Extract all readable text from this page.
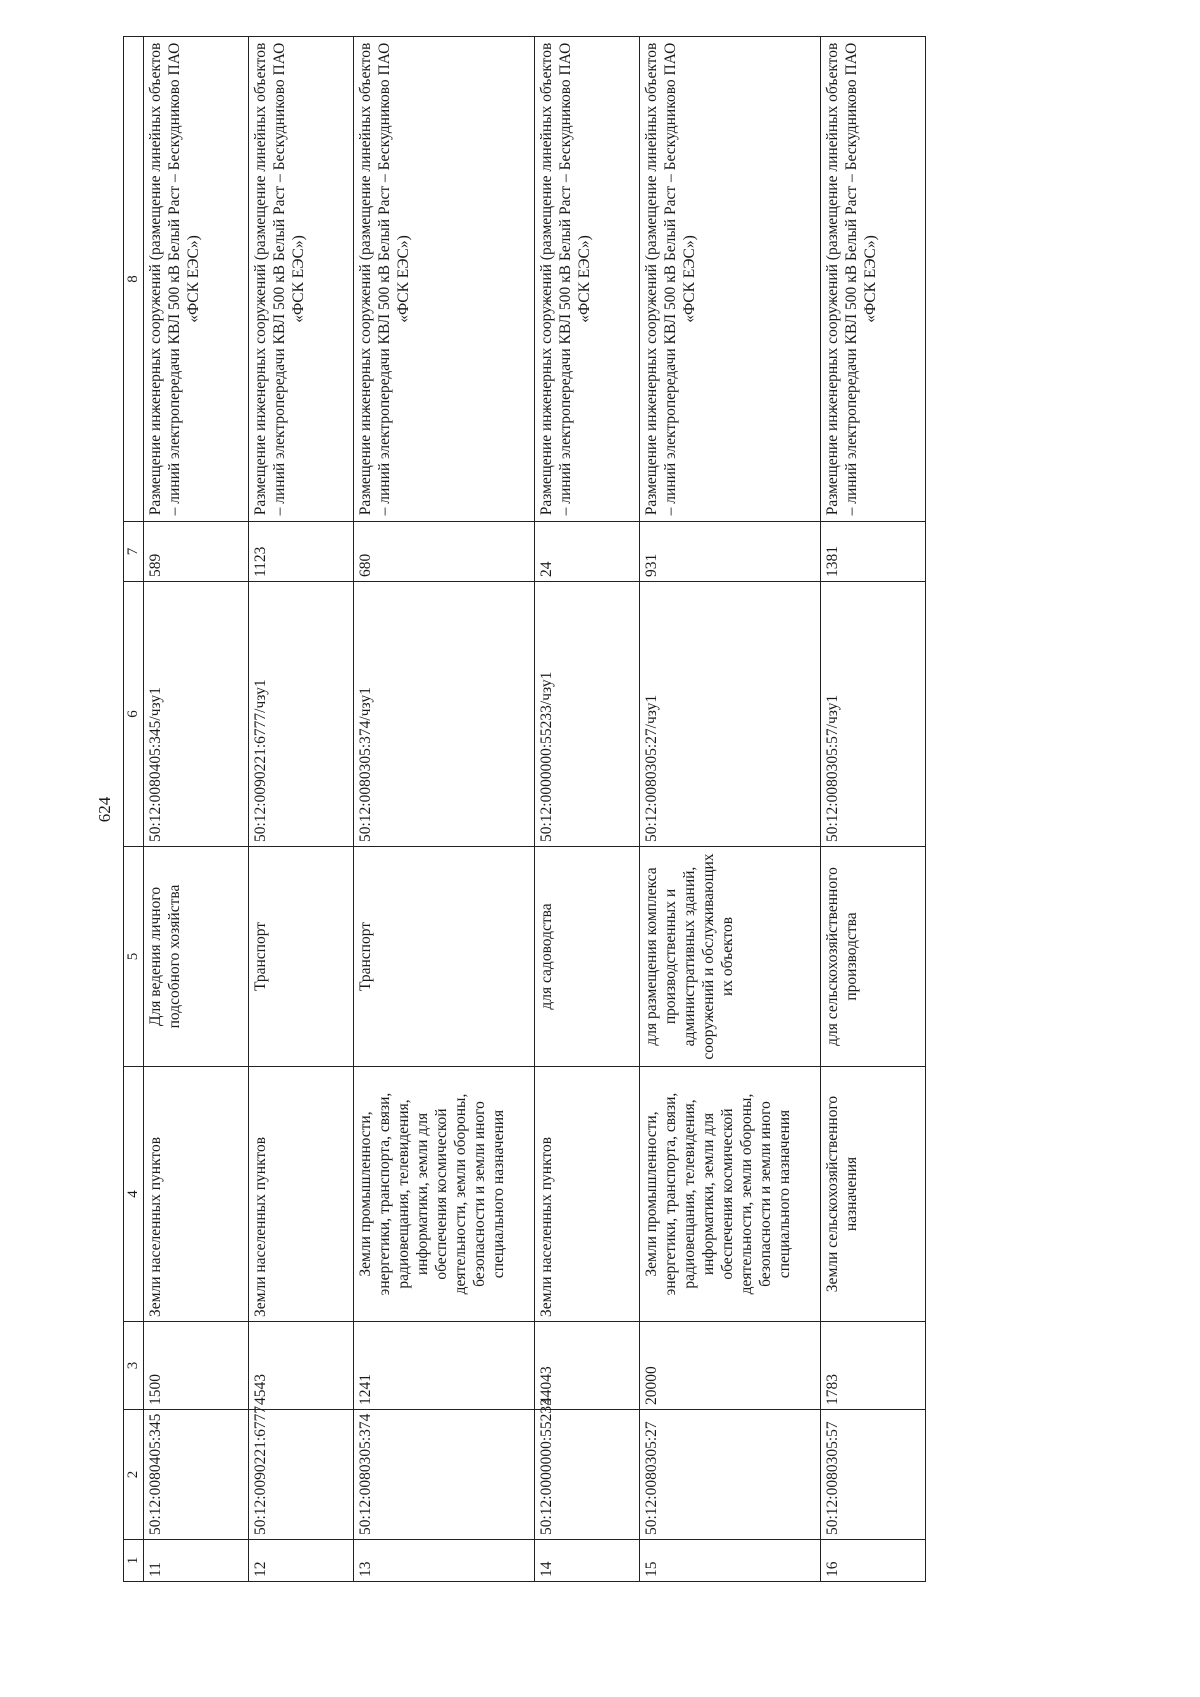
624
1	2	3	4	5	6	7	8
11	50:12:0080405:345	1500	Земли населенных пунктов	Для ведения личного подсобного хозяйства	50:12:0080405:345/чзу1	589	Размещение инженерных сооружений (размещение линейных объектов – линий электропередачи КВЛ 500 кВ Белый Раст – Бескудниково ПАО «ФСК ЕЭС»)
12	50:12:0090221:6777	4543	Земли населенных пунктов	Транспорт	50:12:0090221:6777/чзу1	1123	Размещение инженерных сооружений (размещение линейных объектов – линий электропередачи КВЛ 500 кВ Белый Раст – Бескудниково ПАО «ФСК ЕЭС»)
13	50:12:0080305:374	1241	Земли промышленности, энергетики, транспорта, связи, радиовещания, телевидения, информатики, земли для обеспечения космической деятельности, земли обороны, безопасности и земли иного специального назначения	Транспорт	50:12:0080305:374/чзу1	680	Размещение инженерных сооружений (размещение линейных объектов – линий электропередачи КВЛ 500 кВ Белый Раст – Бескудниково ПАО «ФСК ЕЭС»)
14	50:12:0000000:55233	44043	Земли населенных пунктов	для садоводства	50:12:0000000:55233/чзу1	24	Размещение инженерных сооружений (размещение линейных объектов – линий электропередачи КВЛ 500 кВ Белый Раст – Бескудниково ПАО «ФСК ЕЭС»)
15	50:12:0080305:27	20000	Земли промышленности, энергетики, транспорта, связи, радиовещания, телевидения, информатики, земли для обеспечения космической деятельности, земли обороны, безопасности и земли иного специального назначения	для размещения комплекса производственных и административных зданий, сооружений и обслуживающих их объектов	50:12:0080305:27/чзу1	931	Размещение инженерных сооружений (размещение линейных объектов – линий электропередачи КВЛ 500 кВ Белый Раст – Бескудниково ПАО «ФСК ЕЭС»)
16	50:12:0080305:57	1783	Земли сельскохозяйственного назначения	для сельскохозяйственного производства	50:12:0080305:57/чзу1	1381	Размещение инженерных сооружений (размещение линейных объектов – линий электропередачи КВЛ 500 кВ Белый Раст – Бескудниково ПАО «ФСК ЕЭС»)
